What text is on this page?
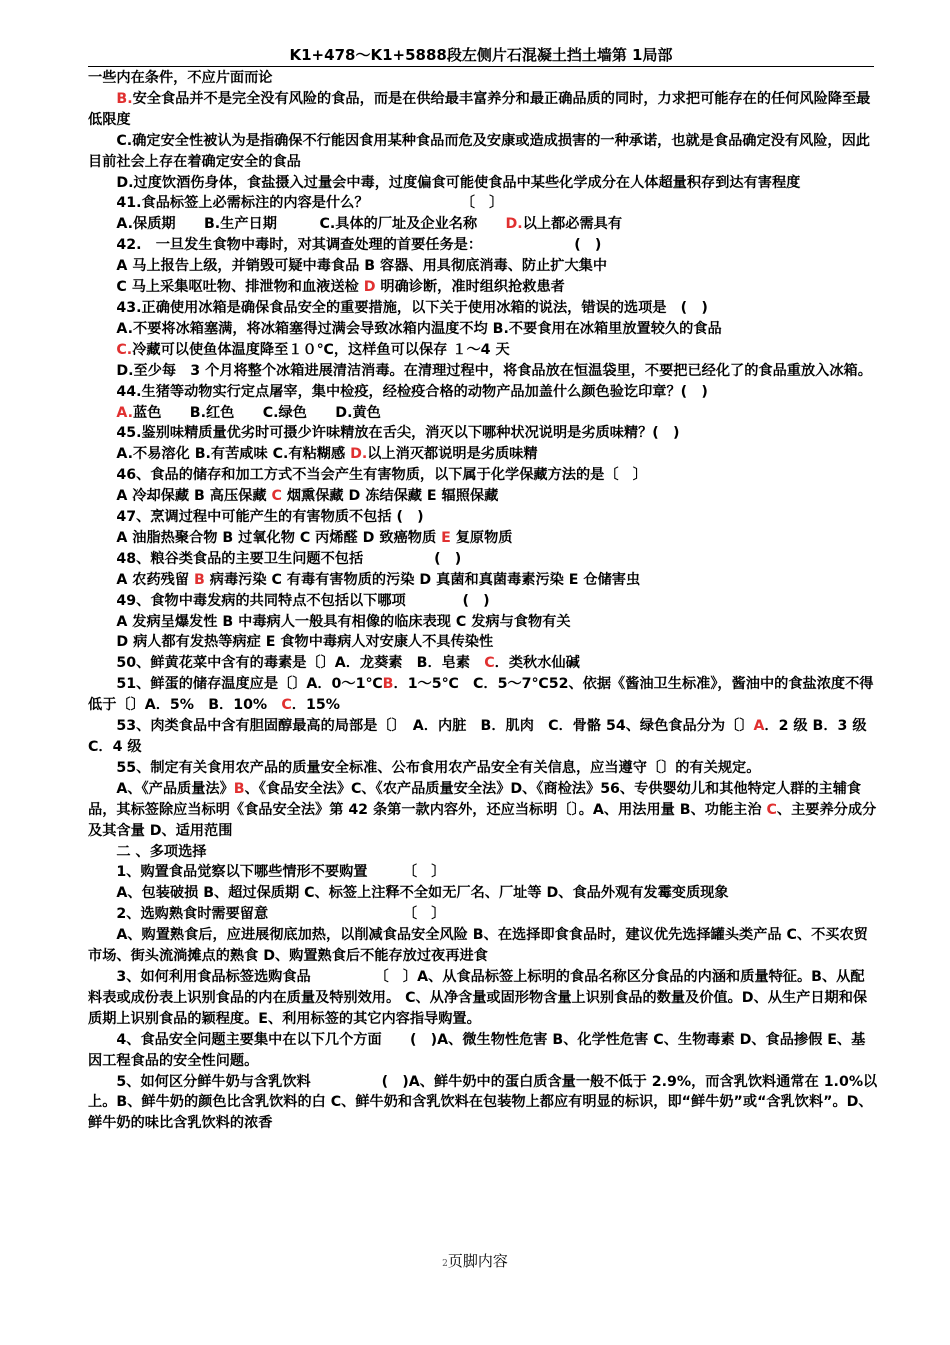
K1+478～K1+5888段左侧片石混凝土挡土墙第 1局部

一些内在条件，不应片面而论

B.安全食品并不是完全没有风险的食品，而是在供给最丰富养分和最正确品质的同时，力求把可能存在的任何风险降至最低限度

C.确定安全性被认为是指确保不行能因食用某种食品而危及安康或造成损害的一种承诺，也就是食品确定没有风险，因此目前社会上存在着确定安全的食品

D.过度饮酒伤身体，食盐摄入过量会中毒，过度偏食可能使食品中某些化学成分在人体超量积存到达有害程度

41.食品标签上必需标注的内容是什么？　　　　　　　〔　〕

A.保质期　　B.生产日期　　　C.具体的厂址及企业名称　　D.以上都必需具有

42.　一旦发生食物中毒时，对其调查处理的首要任务是：　　　　　　　(　)

A 马上报告上级，并销毁可疑中毒食品 B 容器、用具彻底消毒、防止扩大集中

C 马上采集呕吐物、排泄物和血液送检 D 明确诊断，准时组织抢救患者

43.正确使用冰箱是确保食品安全的重要措施，以下关于使用冰箱的说法，错误的选项是　(　)

A.不要将冰箱塞满，将冰箱塞得过满会导致冰箱内温度不均 B.不要食用在冰箱里放置较久的食品

C.冷藏可以使鱼体温度降至１０℃，这样鱼可以保存 １～4 天

D.至少每　3 个月将整个冰箱进展清洁消毒。在清理过程中，将食品放在恒温袋里，不要把已经化了的食品重放入冰箱。

44.生猪等动物实行定点屠宰，集中检疫，经检疫合格的动物产品加盖什么颜色验讫印章？(　)

A.蓝色　　B.红色　　C.绿色　　D.黄色

45.鉴别味精质量优劣时可摄少许味精放在舌尖，消灭以下哪种状况说明是劣质味精？(　)

A.不易溶化 B.有苦咸味 C.有粘糊感 D.以上消灭都说明是劣质味精

46、食品的储存和加工方式不当会产生有害物质，以下属于化学保藏方法的是〔　〕

A 冷却保藏 B 高压保藏 C 烟熏保藏 D 冻结保藏 E 辐照保藏

47、烹调过程中可能产生的有害物质不包括 (　)

A 油脂热聚合物 B 过氧化物 C 丙烯醛 D 致癌物质 E 复原物质

48、粮谷类食品的主要卫生问题不包括　　　　　(　)

A 农药残留 B 病毒污染 C 有毒有害物质的污染 D 真菌和真菌毒素污染 E 仓储害虫

49、食物中毒发病的共同特点不包括以下哪项　　　　(　)

A 发病呈爆发性 B 中毒病人一般具有相像的临床表现 C 发病与食物有关

D 病人都有发热等病症 E 食物中毒病人对安康人不具传染性

50、鲜黄花菜中含有的毒素是〔〕A．龙葵素　B．皂素　C．类秋水仙碱

51、鲜蛋的储存温度应是〔〕A．0～1℃B．1～5℃　C．5～7℃52、依据《酱油卫生标准》，酱油中的食盐浓度不得低于〔〕A．5%　B．10%　C．15%

53、肉类食品中含有胆固醇最高的局部是〔〕　A．内脏　B．肌肉　C．骨骼 54、绿色食品分为〔〕A．2 级 B．3 级 C．4 级

55、制定有关食用农产品的质量安全标准、公布食用农产品安全有关信息，应当遵守〔〕的有关规定。

A、《产品质量法》B、《食品安全法》C、《农产品质量安全法》D、《商检法》56、专供婴幼儿和其他特定人群的主辅食品，其标签除应当标明《食品安全法》第 42 条第一款内容外，还应当标明〔〕。A、用法用量 B、功能主治 C、主要养分成分及其含量 D、适用范围

二 、多项选择

1、购置食品觉察以下哪些情形不要购置　　　〔　〕

A、包装破损 B、超过保质期 C、标签上注释不全如无厂名、厂址等 D、食品外观有发霉变质现象

2、选购熟食时需要留意　　　　　　　　　　〔　〕

A、购置熟食后，应进展彻底加热，以削减食品安全风险 B、在选择即食食品时，建议优先选择罐头类产品 C、不买农贸市场、街头流淌摊点的熟食 D、购置熟食后不能存放过夜再进食

3、如何利用食品标签选购食品　　　　　〔　〕A、从食品标签上标明的食品名称区分食品的内涵和质量特征。B、从配料表或成份表上识别食品的内在质量及特别效用。 C、从净含量或固形物含量上识别食品的数量及价值。D、从生产日期和保质期上识别食品的颖程度。E、利用标签的其它内容指导购置。

4、食品安全问题主要集中在以下几个方面　　(　)A、微生物性危害 B、化学性危害 C、生物毒素 D、食品掺假 E、基因工程食品的安全性问题。

5、如何区分鲜牛奶与含乳饮料　　　　　(　)A、鲜牛奶中的蛋白质含量一般不低于 2.9%，而含乳饮料通常在 1.0%以上。B、鲜牛奶的颜色比含乳饮料的白 C、鲜牛奶和含乳饮料在包装物上都应有明显的标识，即“鲜牛奶”或“含乳饮料”。D、鲜牛奶的味比含乳饮料的浓香

2页脚内容
